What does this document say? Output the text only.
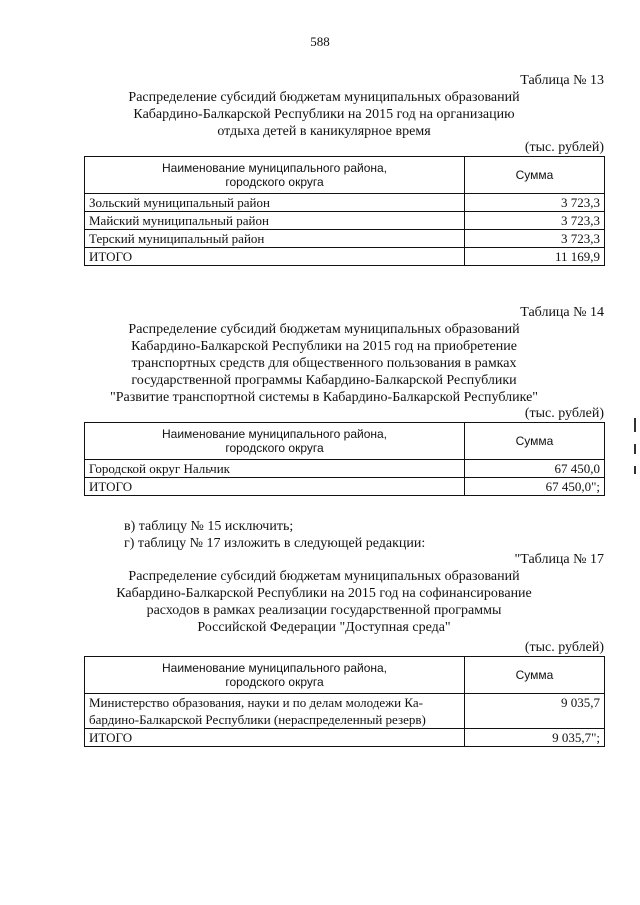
588
Таблица № 13
Распределение субсидий бюджетам муниципальных образований
Кабардино-Балкарской Республики на 2015 год на организацию
отдыха детей в каникулярное время
(тыс. рублей)
Наименование муниципального района,
городского округа	Сумма
Зольский муниципальный район	3 723,3
Майский муниципальный район	3 723,3
Терский муниципальный район	3 723,3
ИТОГО	11 169,9
Таблица № 14
Распределение субсидий бюджетам муниципальных образований
Кабардино-Балкарской Республики на 2015 год на приобретение
транспортных средств для общественного пользования в рамках
государственной программы Кабардино-Балкарской Республики
"Развитие транспортной системы в Кабардино-Балкарской Республике"
(тыс. рублей)
Наименование муниципального района,
городского округа	Сумма
Городской округ Нальчик	67 450,0
ИТОГО	67 450,0";
в) таблицу № 15 исключить;
г) таблицу № 17 изложить в следующей редакции:
"Таблица № 17
Распределение субсидий бюджетам муниципальных образований
Кабардино-Балкарской Республики на 2015 год на софинансирование
расходов в рамках реализации государственной программы
Российской Федерации "Доступная среда"
(тыс. рублей)
Наименование муниципального района,
городского округа	Сумма

Министерство образования, науки и по делам молодежи Ка-
бардино-Балкарской Республики (нераспределенный резерв)	9 035,7
ИТОГО	9 035,7";
